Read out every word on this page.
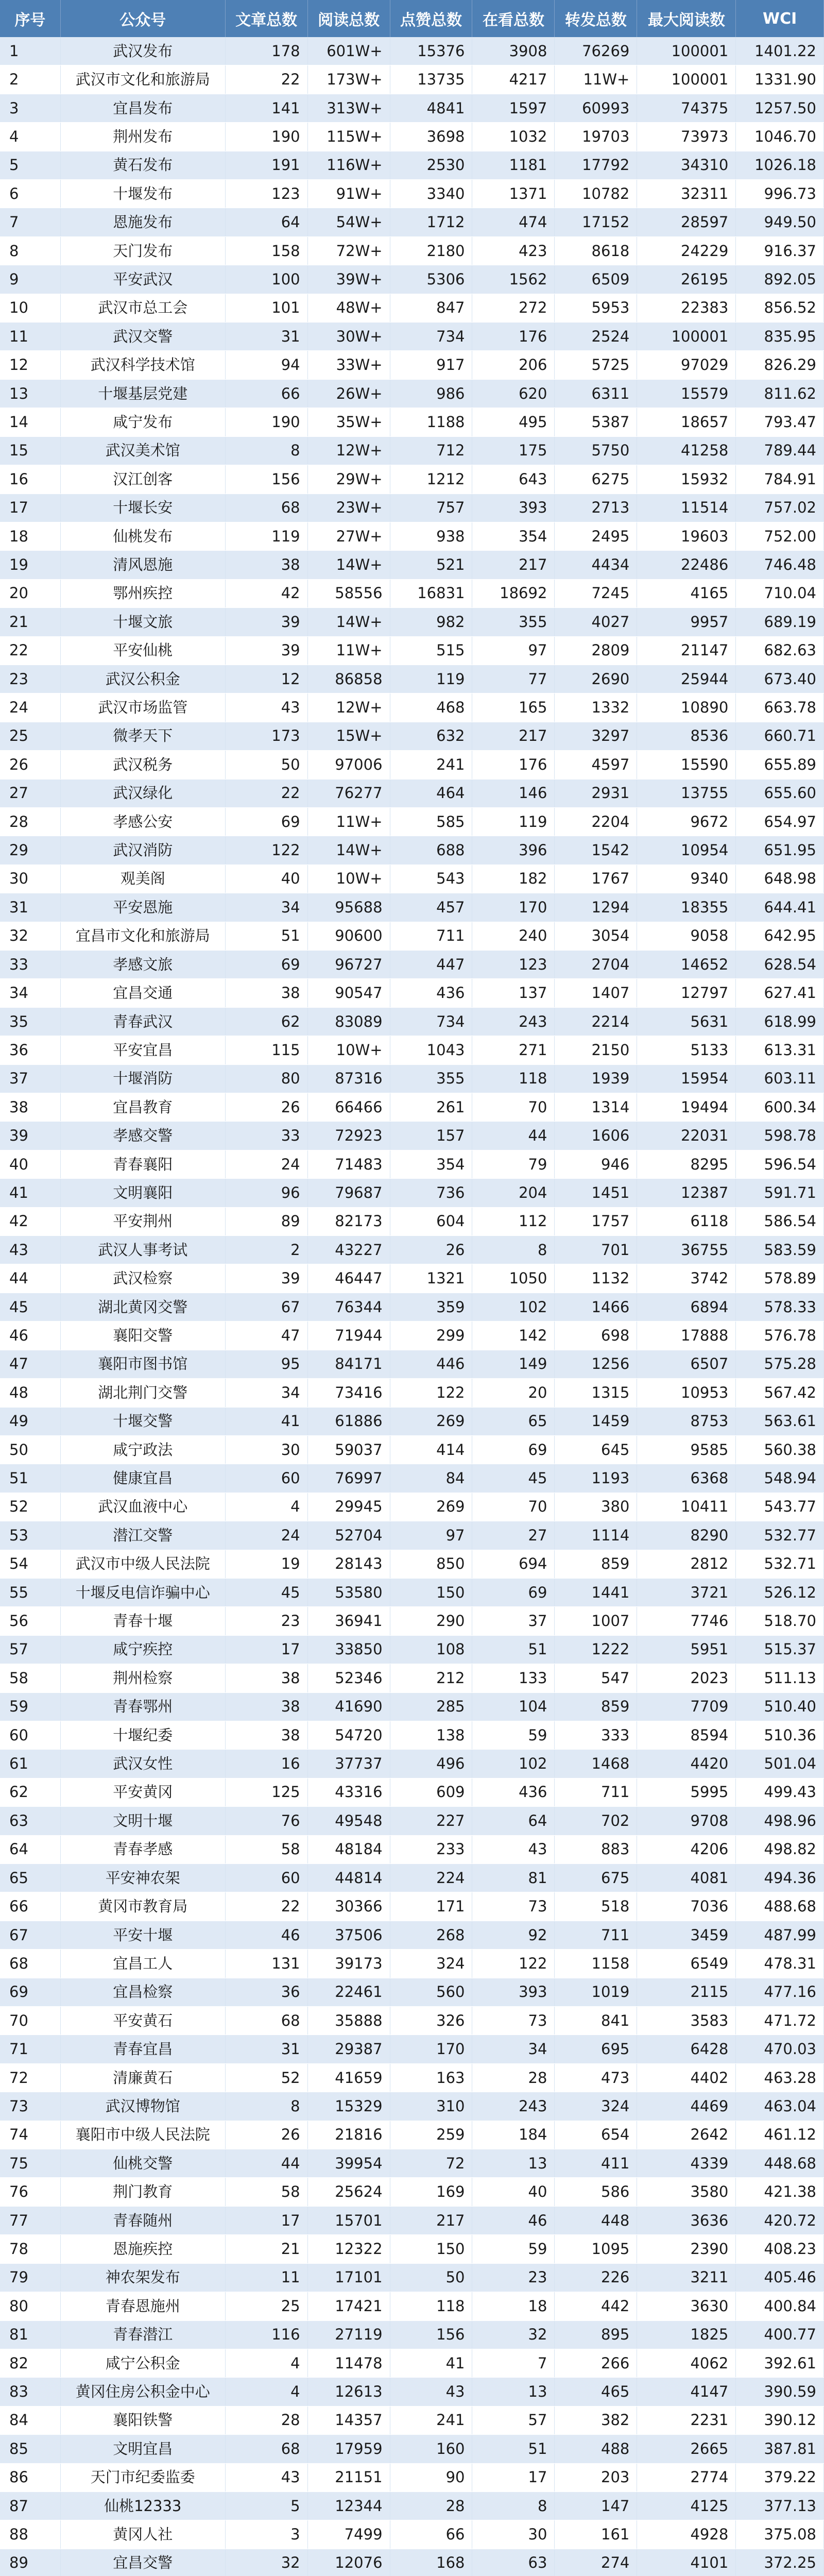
序号	公众号	文章总数	阅读总数	点赞总数	在看总数	转发总数	最大阅读数	WCI
1	武汉发布	178	601W+	15376	3908	76269	100001	1401.22
2	武汉市文化和旅游局	22	173W+	13735	4217	11W+	100001	1331.90
3	宜昌发布	141	313W+	4841	1597	60993	74375	1257.50
4	荆州发布	190	115W+	3698	1032	19703	73973	1046.70
5	黄石发布	191	116W+	2530	1181	17792	34310	1026.18
6	十堰发布	123	91W+	3340	1371	10782	32311	996.73
7	恩施发布	64	54W+	1712	474	17152	28597	949.50
8	天门发布	158	72W+	2180	423	8618	24229	916.37
9	平安武汉	100	39W+	5306	1562	6509	26195	892.05
10	武汉市总工会	101	48W+	847	272	5953	22383	856.52
11	武汉交警	31	30W+	734	176	2524	100001	835.95
12	武汉科学技术馆	94	33W+	917	206	5725	97029	826.29
13	十堰基层党建	66	26W+	986	620	6311	15579	811.62
14	咸宁发布	190	35W+	1188	495	5387	18657	793.47
15	武汉美术馆	8	12W+	712	175	5750	41258	789.44
16	汉江创客	156	29W+	1212	643	6275	15932	784.91
17	十堰长安	68	23W+	757	393	2713	11514	757.02
18	仙桃发布	119	27W+	938	354	2495	19603	752.00
19	清风恩施	38	14W+	521	217	4434	22486	746.48
20	鄂州疾控	42	58556	16831	18692	7245	4165	710.04
21	十堰文旅	39	14W+	982	355	4027	9957	689.19
22	平安仙桃	39	11W+	515	97	2809	21147	682.63
23	武汉公积金	12	86858	119	77	2690	25944	673.40
24	武汉市场监管	43	12W+	468	165	1332	10890	663.78
25	微孝天下	173	15W+	632	217	3297	8536	660.71
26	武汉税务	50	97006	241	176	4597	15590	655.89
27	武汉绿化	22	76277	464	146	2931	13755	655.60
28	孝感公安	69	11W+	585	119	2204	9672	654.97
29	武汉消防	122	14W+	688	396	1542	10954	651.95
30	观美阁	40	10W+	543	182	1767	9340	648.98
31	平安恩施	34	95688	457	170	1294	18355	644.41
32	宜昌市文化和旅游局	51	90600	711	240	3054	9058	642.95
33	孝感文旅	69	96727	447	123	2704	14652	628.54
34	宜昌交通	38	90547	436	137	1407	12797	627.41
35	青春武汉	62	83089	734	243	2214	5631	618.99
36	平安宜昌	115	10W+	1043	271	2150	5133	613.31
37	十堰消防	80	87316	355	118	1939	15954	603.11
38	宜昌教育	26	66466	261	70	1314	19494	600.34
39	孝感交警	33	72923	157	44	1606	22031	598.78
40	青春襄阳	24	71483	354	79	946	8295	596.54
41	文明襄阳	96	79687	736	204	1451	12387	591.71
42	平安荆州	89	82173	604	112	1757	6118	586.54
43	武汉人事考试	2	43227	26	8	701	36755	583.59
44	武汉检察	39	46447	1321	1050	1132	3742	578.89
45	湖北黄冈交警	67	76344	359	102	1466	6894	578.33
46	襄阳交警	47	71944	299	142	698	17888	576.78
47	襄阳市图书馆	95	84171	446	149	1256	6507	575.28
48	湖北荆门交警	34	73416	122	20	1315	10953	567.42
49	十堰交警	41	61886	269	65	1459	8753	563.61
50	咸宁政法	30	59037	414	69	645	9585	560.38
51	健康宜昌	60	76997	84	45	1193	6368	548.94
52	武汉血液中心	4	29945	269	70	380	10411	543.77
53	潜江交警	24	52704	97	27	1114	8290	532.77
54	武汉市中级人民法院	19	28143	850	694	859	2812	532.71
55	十堰反电信诈骗中心	45	53580	150	69	1441	3721	526.12
56	青春十堰	23	36941	290	37	1007	7746	518.70
57	咸宁疾控	17	33850	108	51	1222	5951	515.37
58	荆州检察	38	52346	212	133	547	2023	511.13
59	青春鄂州	38	41690	285	104	859	7709	510.40
60	十堰纪委	38	54720	138	59	333	8594	510.36
61	武汉女性	16	37737	496	102	1468	4420	501.04
62	平安黄冈	125	43316	609	436	711	5995	499.43
63	文明十堰	76	49548	227	64	702	9708	498.96
64	青春孝感	58	48184	233	43	883	4206	498.82
65	平安神农架	60	44814	224	81	675	4081	494.36
66	黄冈市教育局	22	30366	171	73	518	7036	488.68
67	平安十堰	46	37506	268	92	711	3459	487.99
68	宜昌工人	131	39173	324	122	1158	6549	478.31
69	宜昌检察	36	22461	560	393	1019	2115	477.16
70	平安黄石	68	35888	326	73	841	3583	471.72
71	青春宜昌	31	29387	170	34	695	6428	470.03
72	清廉黄石	52	41659	163	28	473	4402	463.28
73	武汉博物馆	8	15329	310	243	324	4469	463.04
74	襄阳市中级人民法院	26	21816	259	184	654	2642	461.12
75	仙桃交警	44	39954	72	13	411	4339	448.68
76	荆门教育	58	25624	169	40	586	3580	421.38
77	青春随州	17	15701	217	46	448	3636	420.72
78	恩施疾控	21	12322	150	59	1095	2390	408.23
79	神农架发布	11	17101	50	23	226	3211	405.46
80	青春恩施州	25	17421	118	18	442	3630	400.84
81	青春潜江	116	27119	156	32	895	1825	400.77
82	咸宁公积金	4	11478	41	7	266	4062	392.61
83	黄冈住房公积金中心	4	12613	43	13	465	4147	390.59
84	襄阳铁警	28	14357	241	57	382	2231	390.12
85	文明宜昌	68	17959	160	51	488	2665	387.81
86	天门市纪委监委	43	21151	90	17	203	2774	379.22
87	仙桃12333	5	12344	28	8	147	4125	377.13
88	黄冈人社	3	7499	66	30	161	4928	375.08
89	宜昌交警	32	12076	168	63	274	4101	372.25
